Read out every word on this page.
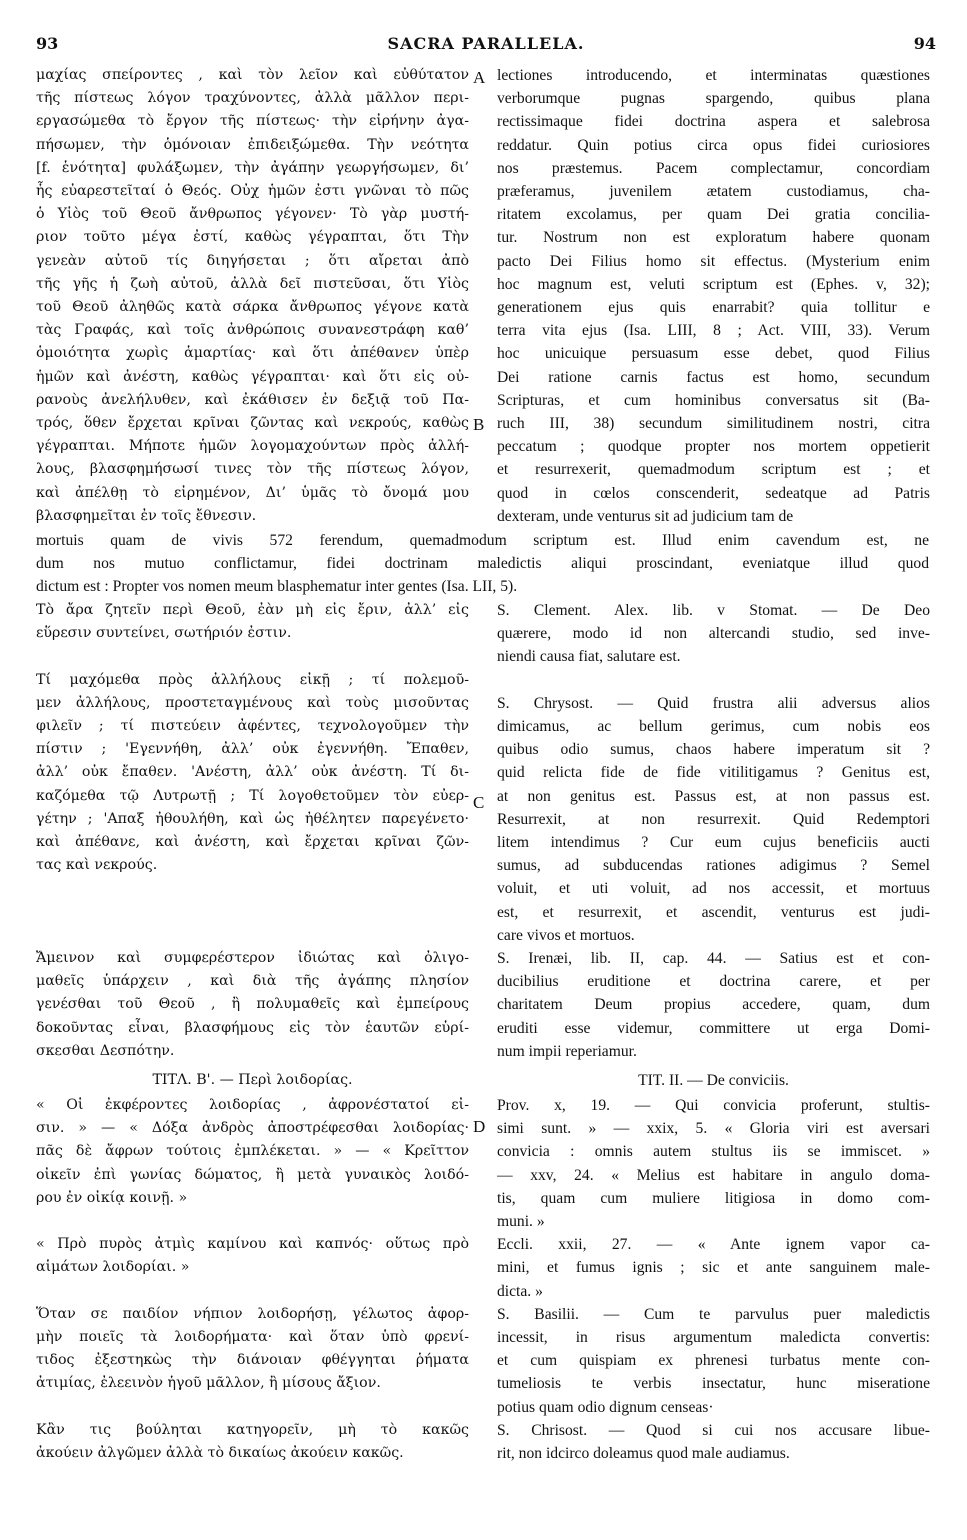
93	SACRA PARALLELA.	94
A
B
C
D
μαχίας σπείροντες , καὶ τὸν λεῖον καὶ εὐθύτατον
τῆς πίστεως λόγον τραχύνοντες, ἀλλὰ μᾶλλον περι-
εργασώμεθα τὸ ἔργον τῆς πίστεως· τὴν εἰρήνην ἀγα-
πήσωμεν, τὴν ὁμόνοιαν ἐπιδειξώμεθα. Τὴν νεότητα
[f. ἑνότητα] φυλάξωμεν, τὴν ἀγάπην γεωργήσωμεν, δι’
ἧς εὐαρεστεῖταί ὁ Θεός. Οὐχ ἡμῶν ἐστι γνῶναι τὸ πῶς
ὁ Υἱὸς τοῦ Θεοῦ ἄνθρωπος γέγονεν· Τὸ γὰρ μυστή-
ριον τοῦτο μέγα ἐστί, καθὼς γέγραπται, ὅτι Τὴν
γενεὰν αὐτοῦ τίς διηγήσεται ; ὅτι αἴρεται ἀπὸ
τῆς γῆς ἡ ζωὴ αὐτοῦ, ἀλλὰ δεῖ πιστεῦσαι, ὅτι Υἱὸς
τοῦ Θεοῦ ἀληθῶς κατὰ σάρκα ἄνθρωπος γέγονε κατὰ
τὰς Γραφάς, καὶ τοῖς ἀνθρώποις συνανεστράφη καθ’
ὁμοιότητα χωρὶς ἁμαρτίας· καὶ ὅτι ἀπέθανεν ὑπὲρ
ἡμῶν καὶ ἀνέστη, καθὼς γέγραπται· καὶ ὅτι εἰς οὐ-
ρανοὺς ἀνελήλυθεν, καὶ ἐκάθισεν ἐν δεξιᾷ τοῦ Πα-
τρός, ὅθεν ἔρχεται κρῖναι ζῶντας καὶ νεκρούς, καθὼς
γέγραπται. Μήποτε ἡμῶν λογομαχούντων πρὸς ἀλλή-
λους, βλασφημήσωσί τινες τὸν τῆς πίστεως λόγον,
καὶ ἀπέλθῃ τὸ εἰρημένον, Δι’ ὑμᾶς τὸ ὄνομά μου
βλασφημεῖται ἐν τοῖς ἔθνεσιν.
lectiones introducendo, et interminatas quæstiones
verborumque pugnas spargendo, quibus plana
rectissimaque fidei doctrina aspera et salebrosa
reddatur. Quin potius circa opus fidei curiosiores
nos præstemus. Pacem complectamur, concordiam
præferamus, juvenilem ætatem custodiamus, cha-
ritatem excolamus, per quam Dei gratia concilia-
tur. Nostrum non est exploratum habere quonam
pacto Dei Filius homo sit effectus. (Mysterium enim
hoc magnum est, veluti scriptum est (Ephes. v, 32);
generationem ejus quis enarrabit? quia tollitur e
terra vita ejus (Isa. LIII, 8 ; Act. VIII, 33). Verum
hoc unicuique persuasum esse debet, quod Filius
Dei ratione carnis factus est homo, secundum
Scripturas, et cum hominibus conversatus sit (Ba-
ruch III, 38) secundum similitudinem nostri, citra
peccatum ; quodque propter nos mortem oppetierit
et resurrexerit, quemadmodum scriptum est ; et
quod in cœlos conscenderit, sedeatque ad Patris
dexteram, unde venturus sit ad judicium tam de
mortuis quam de vivis 572 ferendum, quemadmodum scriptum est. Illud enim cavendum est, ne
dum nos mutuo conflictamur, fidei doctrinam maledictis aliqui proscindant, eveniatque illud quod
dictum est : Propter vos nomen meum blasphematur inter gentes (Isa. LII, 5).
Τὸ ἄρα ζητεῖν περὶ Θεοῦ, ἐὰν μὴ εἰς ἔριν, ἀλλ’ εἰς
εὕρεσιν συντείνει, σωτήριόν ἐστιν.

Τί μαχόμεθα πρὸς ἀλλήλους εἰκῇ ; τί πολεμοῦ-
μεν ἀλλήλους, προστεταγμένους καὶ τοὺς μισοῦντας
φιλεῖν ; τί πιστεύειν ἀφέντες, τεχνολογοῦμεν τὴν
πίστιν ; 'Εγεννήθη, ἀλλ’ οὐκ ἐγεννήθη. Ἔπαθεν,
ἀλλ’ οὐκ ἔπαθεν. 'Ανέστη, ἀλλ’ οὐκ ἀνέστη. Τί δι-
καζόμεθα τῷ Λυτρωτῇ ; Τί λογοθετοῦμεν τὸν εὐερ-
γέτην ; 'Απαξ ἠθουλήθη, καὶ ὡς ἠθέλητεν παρεγένετο·
καὶ ἀπέθανε, καὶ ἀνέστη, καὶ ἔρχεται κρῖναι ζῶν-
τας καὶ νεκρούς.

Ἄμεινον καὶ συμφερέστερον ἰδιώτας καὶ ὀλιγο-
μαθεῖς ὑπάρχειν , καὶ διὰ τῆς ἀγάπης πλησίον
γενέσθαι τοῦ Θεοῦ , ἢ πολυμαθεῖς καὶ ἐμπείρους
δοκοῦντας εἶναι, βλασφήμους εἰς τὸν ἑαυτῶν εὑρί-
σκεσθαι Δεσπότην.
S. Clement. Alex. lib. v Stomat. — De Deo
quærere, modo id non altercandi studio, sed inve-
niendi causa fiat, salutare est.

S. Chrysost. — Quid frustra alii adversus alios
dimicamus, ac bellum gerimus, cum nobis eos
quibus odio sumus, chaos habere imperatum sit ?
quid relicta fide de fide vitilitigamus ? Genitus est,
at non genitus est. Passus est, at non passus est.
Resurrexit, at non resurrexit. Quid Redemptori
litem intendimus ? Cur eum cujus beneficiis aucti
sumus, ad subducendas rationes adigimus ? Semel
voluit, et uti voluit, ad nos accessit, et mortuus
est, et resurrexit, et ascendit, venturus est judi-
care vivos et mortuos.
S. Irenæi, lib. II, cap. 44. — Satius est et con-
ducibilius eruditione et doctrina carere, et per
charitatem Deum propius accedere, quam, dum
eruditi esse videmur, committere ut erga Domi-
num impii reperiamur.
ΤΙΤΛ. Β'. — Περὶ λοιδορίας.	TIT. II. — De conviciis.
« Οἱ ἐκφέροντες λοιδορίας , ἀφρονέστατοί εἰ-
σιν. » — « Δόξα ἀνδρὸς ἀποστρέφεσθαι λοιδορίας·
πᾶς δὲ ἄφρων τούτοις ἐμπλέκεται. » — « Κρεῖττον
οἰκεῖν ἐπὶ γωνίας δώματος, ἢ μετὰ γυναικὸς λοιδό-
ρου ἐν οἰκίᾳ κοινῇ. »

« Πρὸ πυρὸς ἀτμὶς καμίνου καὶ καπνός· οὕτως πρὸ
αἱμάτων λοιδορίαι. »

Ὅταν σε παιδίον νήπιον λοιδορήσῃ, γέλωτος ἀφορ-
μὴν ποιεῖς τὰ λοιδορήματα· καὶ ὅταν ὑπὸ φρενί-
τιδος ἐξεστηκὼς τὴν διάνοιαν φθέγγηται ῥήματα
ἀτιμίας, ἐλεεινὸν ἡγοῦ μᾶλλον, ἢ μίσους ἄξιον.

Κἂν τις βούληται κατηγορεῖν, μὴ τὸ κακῶς
ἀκούειν ἀλγῶμεν ἀλλὰ τὸ δικαίως ἀκούειν κακῶς.
Prov. x, 19. — Qui convicia proferunt, stultis-
simi sunt. » — xxix, 5. « Gloria viri est aversari
convicia : omnis autem stultus iis se immiscet. »
— xxv, 24. « Melius est habitare in angulo doma-
tis, quam cum muliere litigiosa in domo com-
muni. »
Eccli. xxii, 27. — « Ante ignem vapor ca-
mini, et fumus ignis ; sic et ante sanguinem male-
dicta. »
S. Basilii. — Cum te parvulus puer maledictis
incessit, in risus argumentum maledicta convertis:
et cum quispiam ex phrenesi turbatus mente con-
tumeliosis te verbis insectatur, hunc miseratione
potius quam odio dignum censeas·
S. Chrisost. — Quod si cui nos accusare libue-
rit, non idcirco doleamus quod male audiamus.
